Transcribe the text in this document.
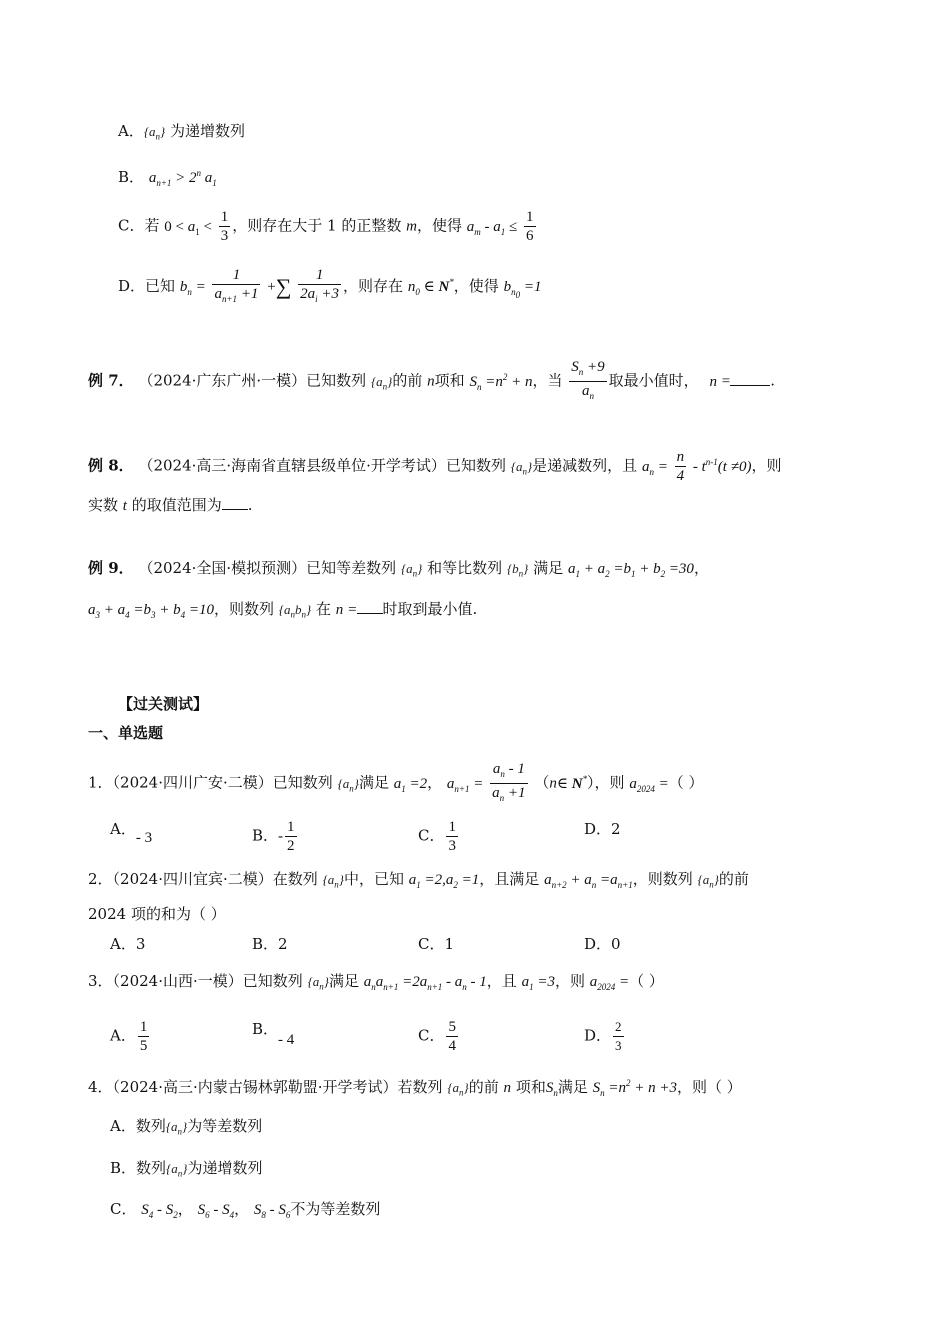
A．$\{a_n\}$ 为递增数列
B． $a_{n+1} > 2^n$ $a_1$
C．若 $0 < a_1 < \frac{1}{3}$ ，则存在大于 1 的正整数 m，使得 $a_m - a_1 \le \frac{1}{6}$
D．已知 $b_n = \frac{1}{a_{n+1} +1}$ +∑ $\frac{1}{2a_i +3}$ ，则存在 $n_0$ ∈ N*，使得 $b_{n_0} =1$
例 7． （2024·广东广州·一模）已知数列 $\{a_n\}$的前 n项和 $S_n =n^2 + n$，当 $\frac{S_n +9}{a_n}$ 取最小值时， n =	.
例 8． （2024·高三·海南省直辖县级单位·开学考试）已知数列 $\{a_n\}$是递减数列，且 $a_n = \frac{n}{4} - t^{n-1}(t \ne 0)$，则
实数 t 的取值范围为 .
例 9． （2024·全国·模拟预测）已知等差数列 $\{a_n\}$ 和等比数列 $\{b_n\}$ 满足 $a_1 + a_2 =b_1 + b_2 =30$，
$a_3 + a_4 =b_3 + b_4 =10$，则数列 $\{a_nb_n\}$ 在 n = 时取到最小值.
【过关测试】
一、单选题
1．（2024·四川广安·二模）已知数列 $\{a_n\}$满足 $a_1 =2$， $a_{n+1} = \frac{a_n - 1}{a_n +1}$ （n∈ N*），则 $a_{2024}$ =（ ）
A．- 3	B．- $\frac{1}{2}$	C． $\frac{1}{3}$	D．2
2．（2024·四川宜宾·二模）在数列 $\{a_n\}$中，已知 $a_1 =2,a_2 =1$，且满足 $a_{n+2} + a_n =a_{n+1}$，则数列 $\{a_n\}$的前
2024 项的和为（ ）
A．3	B．2	C．1	D．0
3．（2024·山西·一模）已知数列 $\{a_n\}$满足 $a_na_{n+1} =2a_{n+1} - a_n - 1$，且 $a_1 =3$，则 $a_{2024}$ =（ ）
A． $\frac{1}{5}$	B．- 4	C． $\frac{5}{4}$	D． $\frac{2}{3}$
4．（2024·高三·内蒙古锡林郭勒盟·开学考试）若数列 $\{a_n\}$的前 n 项和$S_n$满足 $S_n =n^2 + n +3$，则（ ）
A．数列$\{a_n\}$为等差数列
B．数列$\{a_n\}$为递增数列
C． $S_4 - S_2$， $S_6 - S_4$， $S_8 - S_6$不为等差数列
